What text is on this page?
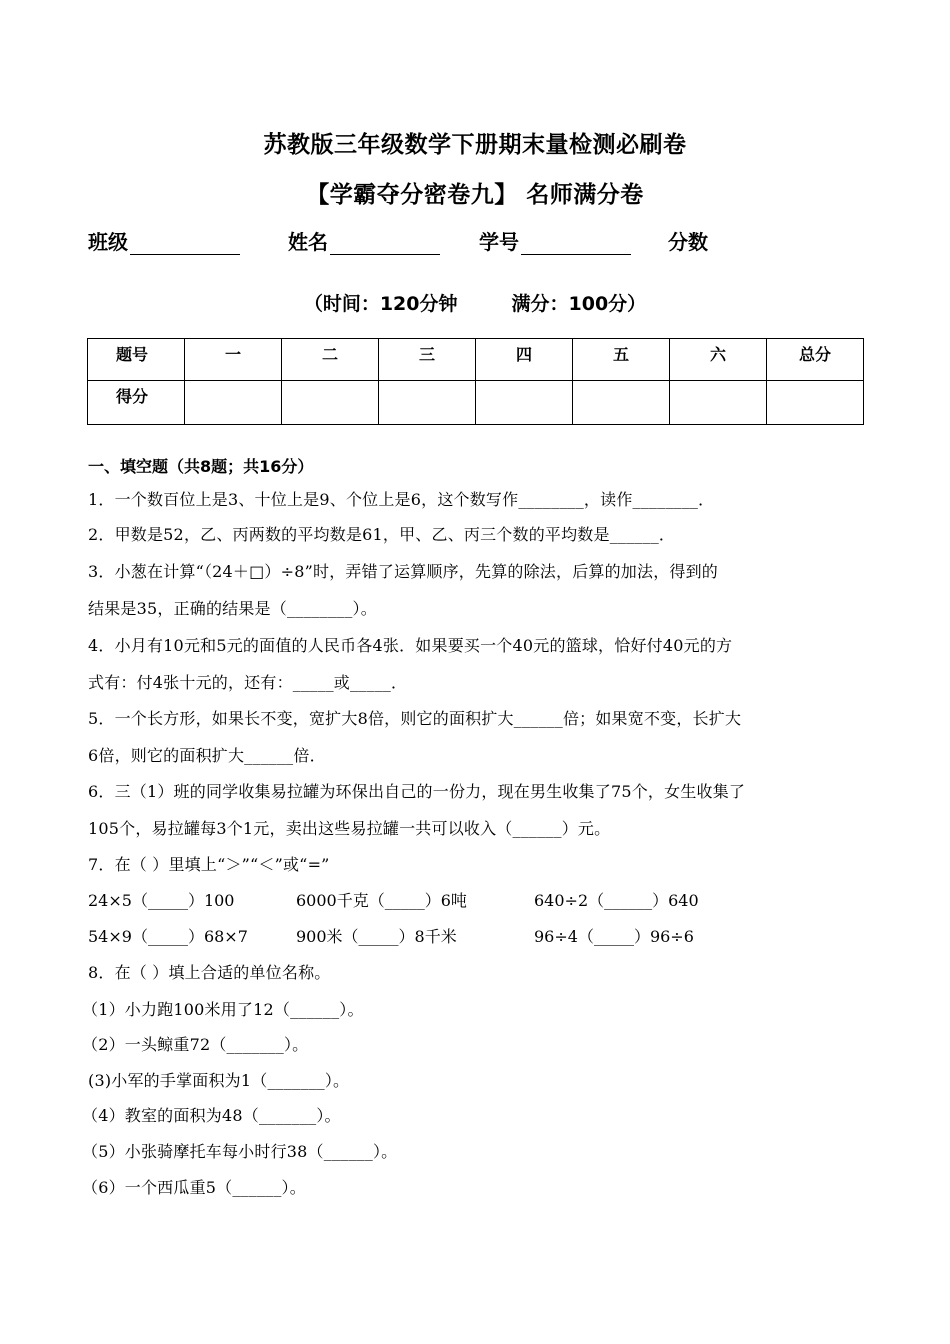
苏教版三年级数学下册期末量检测必刷卷
【学霸夺分密卷九】 名师满分卷
班级	姓名	学号	分数
（时间：120分钟	满分：100分）
题号	一	二	三	四	五	六	总分
得分							
一、填空题（共8题；共16分）
1．一个数百位上是3、十位上是9、个位上是6，这个数写作________，读作________．
2．甲数是52，乙、丙两数的平均数是61，甲、乙、丙三个数的平均数是______．
3．小葱在计算“（24＋□）÷8”时，弄错了运算顺序，先算的除法，后算的加法，得到的
结果是35，正确的结果是（________）。
4．小月有10元和5元的面值的人民币各4张．如果要买一个40元的篮球，恰好付40元的方
式有：付4张十元的，还有：_____或_____．
5．一个长方形，如果长不变，宽扩大8倍，则它的面积扩大______倍；如果宽不变，长扩大
6倍，则它的面积扩大______倍．
6．三（1）班的同学收集易拉罐为环保出自己的一份力，现在男生收集了75个，女生收集了
105个，易拉罐每3个1元，卖出这些易拉罐一共可以收入（______）元。
7．在（ ）里填上“＞”“＜”或“=”
24×5（_____）100	6000千克（_____）6吨	640÷2（______）640
54×9（_____）68×7	900米（_____）8千米	96÷4（_____）96÷6
8．在（ ）填上合适的单位名称。
（1）小力跑100米用了12（______）。
（2）一头鲸重72（_______）。
(3)小军的手掌面积为1（_______）。
（4）教室的面积为48（_______）。
（5）小张骑摩托车每小时行38（______）。
（6）一个西瓜重5（______）。
